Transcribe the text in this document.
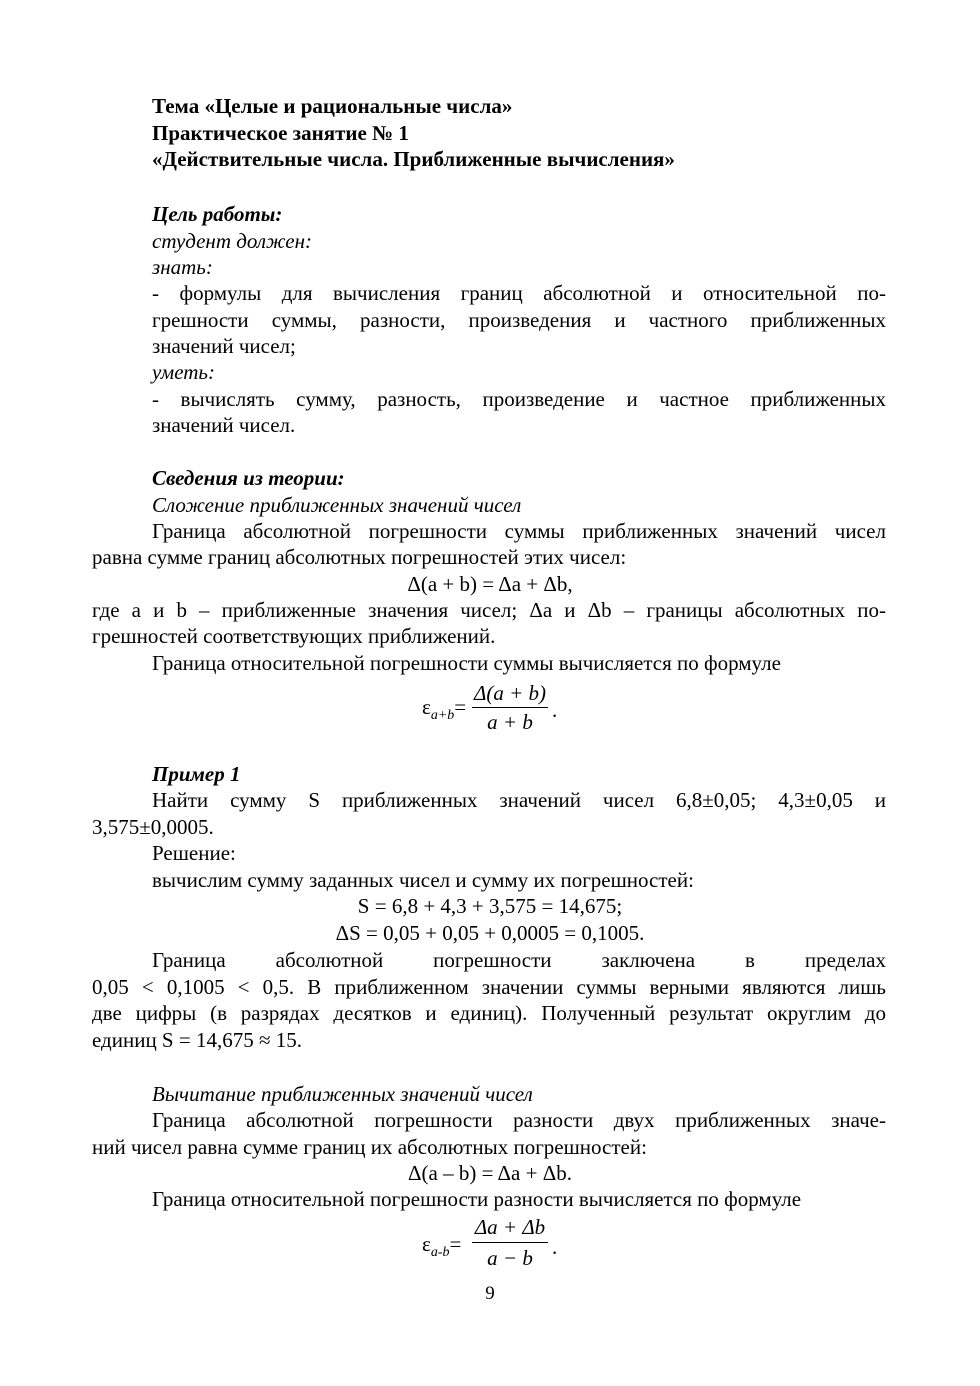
Тема «Целые и рациональные числа»
Практическое занятие № 1
«Действительные числа. Приближенные вычисления»
Цель работы:
студент должен:
знать:
- формулы для вычисления границ абсолютной и относительной по-
грешности суммы, разности, произведения и частного приближенных
значений чисел;
уметь:
- вычислять сумму, разность, произведение и частное приближенных
значений чисел.
Сведения из теории:
Сложение приближенных значений чисел
Граница абсолютной погрешности суммы приближенных значений чисел
равна сумме границ абсолютных погрешностей этих чисел:
Δ(a + b) = Δa + Δb,
где a и b – приближенные значения чисел; Δa и Δb – границы абсолютных по-
грешностей соответствующих приближений.
Граница относительной погрешности суммы вычисляется по формуле
$\varepsilon_{a+b}=$
Δ(a + b)
a + b .
Пример 1
Найти сумму S приближенных значений чисел 6,8±0,05; 4,3±0,05 и
3,575±0,0005.
Решение:
вычислим сумму заданных чисел и сумму их погрешностей:
S = 6,8 + 4,3 + 3,575 = 14,675;
ΔS = 0,05 + 0,05 + 0,0005 = 0,1005.
Граница абсолютной погрешности заключена в пределах
0,05 < 0,1005 < 0,5. В приближенном значении суммы верными являются лишь
две цифры (в разрядах десятков и единиц). Полученный результат округлим до
единиц S = 14,675 ≈ 15.
Вычитание приближенных значений чисел
Граница абсолютной погрешности разности двух приближенных значе-
ний чисел равна сумме границ их абсолютных погрешностей:
Δ(a – b) = Δa + Δb.
Граница относительной погрешности разности вычисляется по формуле
$\varepsilon_{a-b}=$
Δa + Δb
a − b .
9
